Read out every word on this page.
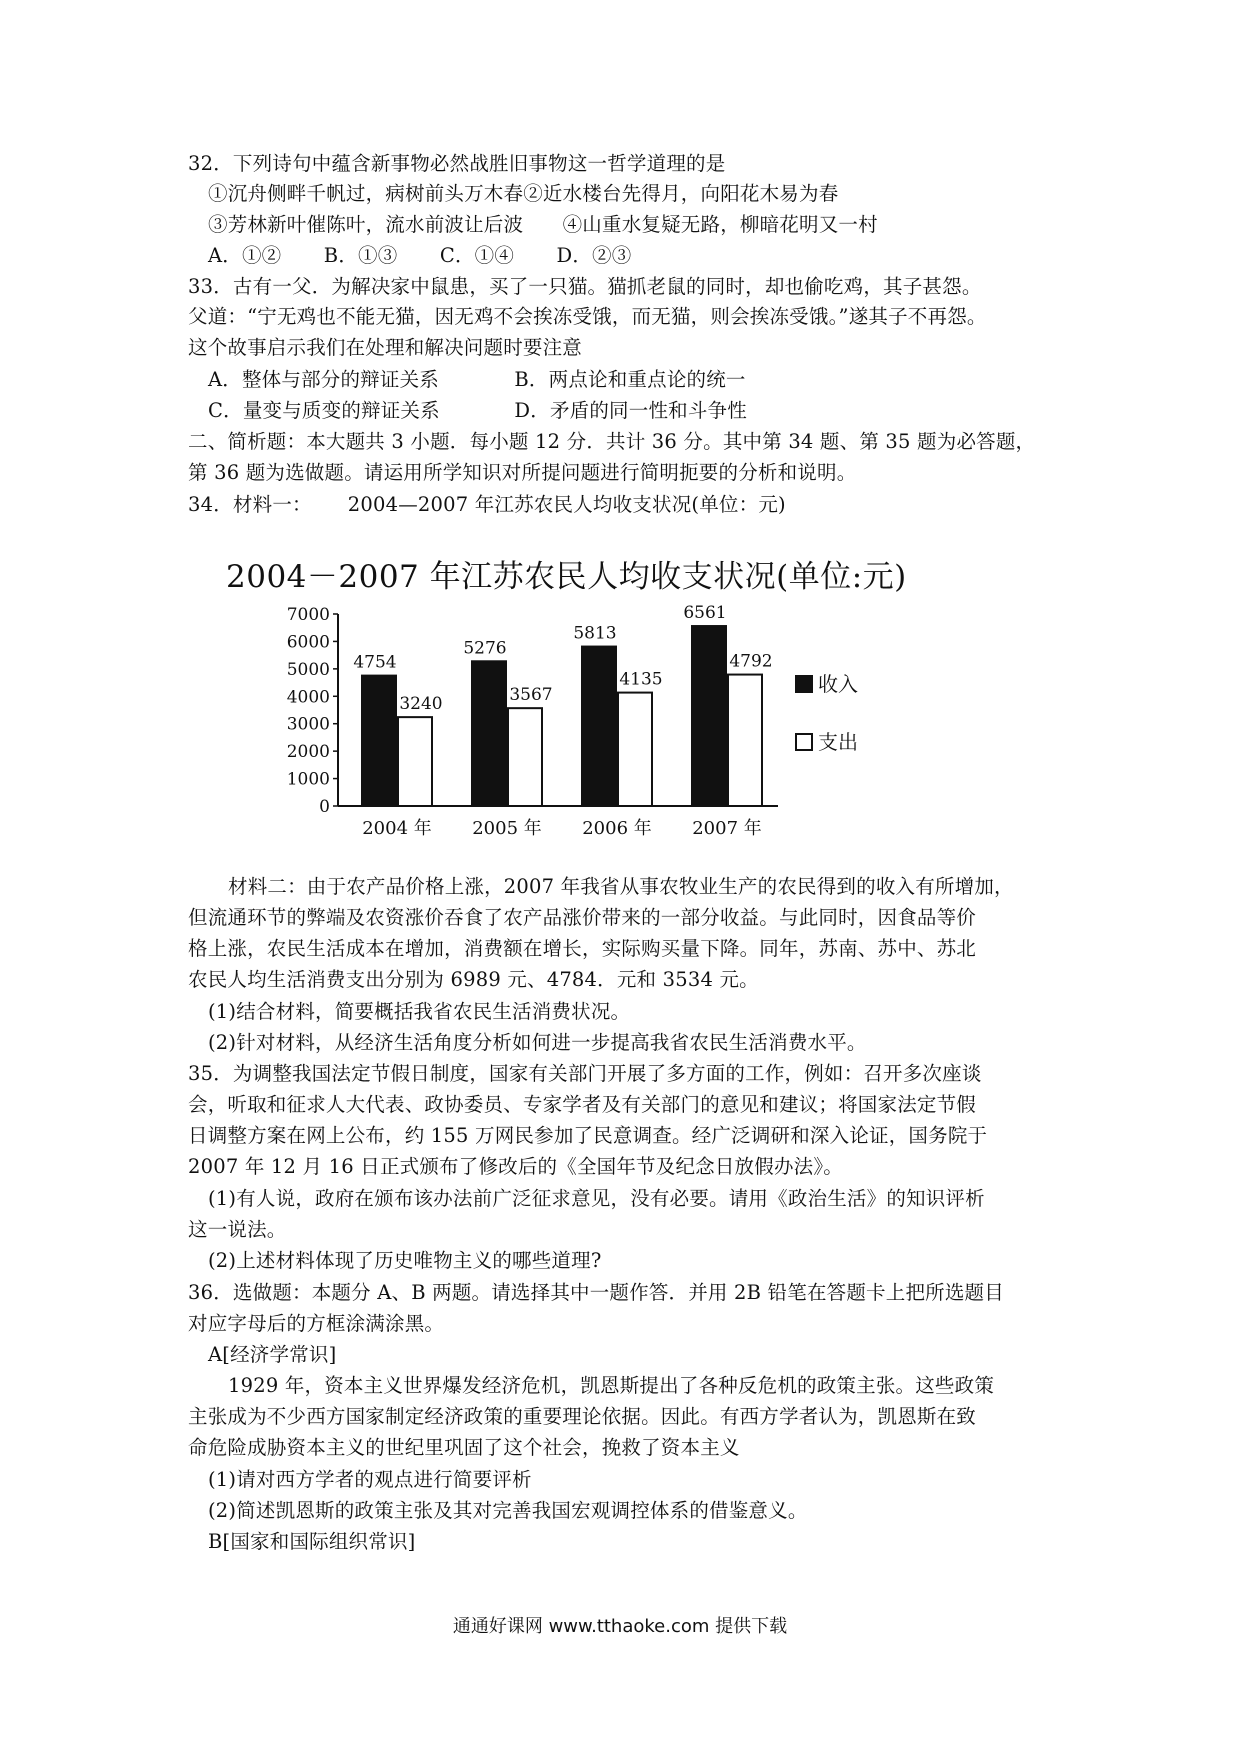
32．下列诗句中蕴含新事物必然战胜旧事物这一哲学道理的是
①沉舟侧畔千帆过，病树前头万木春②近水楼台先得月，向阳花木易为春
③芳林新叶催陈叶，流水前波让后波　　④山重水复疑无路，柳暗花明又一村
A．①② B．①③ C．①④ D．②③
33．古有一父．为解决家中鼠患，买了一只猫。猫抓老鼠的同时，却也偷吃鸡，其子甚怨。
父道：“宁无鸡也不能无猫，因无鸡不会挨冻受饿，而无猫，则会挨冻受饿。”遂其子不再怨。
这个故事启示我们在处理和解决问题时要注意
A．整体与部分的辩证关系	B．两点论和重点论的统一
C．量变与质变的辩证关系	D．矛盾的同一性和斗争性
二、简析题：本大题共 3 小题．每小题 12 分．共计 36 分。其中第 34 题、第 35 题为必答题，
第 36 题为选做题。请运用所学知识对所提问题进行简明扼要的分析和说明。
34．材料一：　　 2004—2007 年江苏农民人均收支状况(单位：元)
2004－2007 年江苏农民人均收支状况(单位:元)
0
1000
2000
3000
4000
5000
6000
7000
4754
3240
2004 年
5276
3567
2005 年
5813
4135
2006 年
6561
4792
2007 年
收入
支出
材料二：由于农产品价格上涨，2007 年我省从事农牧业生产的农民得到的收入有所增加，
但流通环节的弊端及农资涨价吞食了农产品涨价带来的一部分收益。与此同时，因食品等价
格上涨，农民生活成本在增加，消费额在增长，实际购买量下降。同年，苏南、苏中、苏北
农民人均生活消费支出分别为 6989 元、4784．元和 3534 元。
(1)结合材料，简要概括我省农民生活消费状况。
(2)针对材料，从经济生活角度分析如何进一步提高我省农民生活消费水平。
35．为调整我国法定节假日制度，国家有关部门开展了多方面的工作，例如：召开多次座谈
会，听取和征求人大代表、政协委员、专家学者及有关部门的意见和建议；将国家法定节假
日调整方案在网上公布，约 155 万网民参加了民意调查。经广泛调研和深入论证，国务院于
2007 年 12 月 16 日正式颁布了修改后的《全国年节及纪念日放假办法》。
(1)有人说，政府在颁布该办法前广泛征求意见，没有必要。请用《政治生活》的知识评析
这一说法。
(2)上述材料体现了历史唯物主义的哪些道理?
36．选做题：本题分 A、B 两题。请选择其中一题作答．并用 2B 铅笔在答题卡上把所选题目
对应字母后的方框涂满涂黑。
A[经济学常识]
1929 年，资本主义世界爆发经济危机，凯恩斯提出了各种反危机的政策主张。这些政策
主张成为不少西方国家制定经济政策的重要理论依据。因此。有西方学者认为，凯恩斯在致
命危险成胁资本主义的世纪里巩固了这个社会，挽救了资本主义
(1)请对西方学者的观点进行简要评析
(2)简述凯恩斯的政策主张及其对完善我国宏观调控体系的借鉴意义。
B[国家和国际组织常识]
通通好课网 www.tthaoke.com 提供下载
